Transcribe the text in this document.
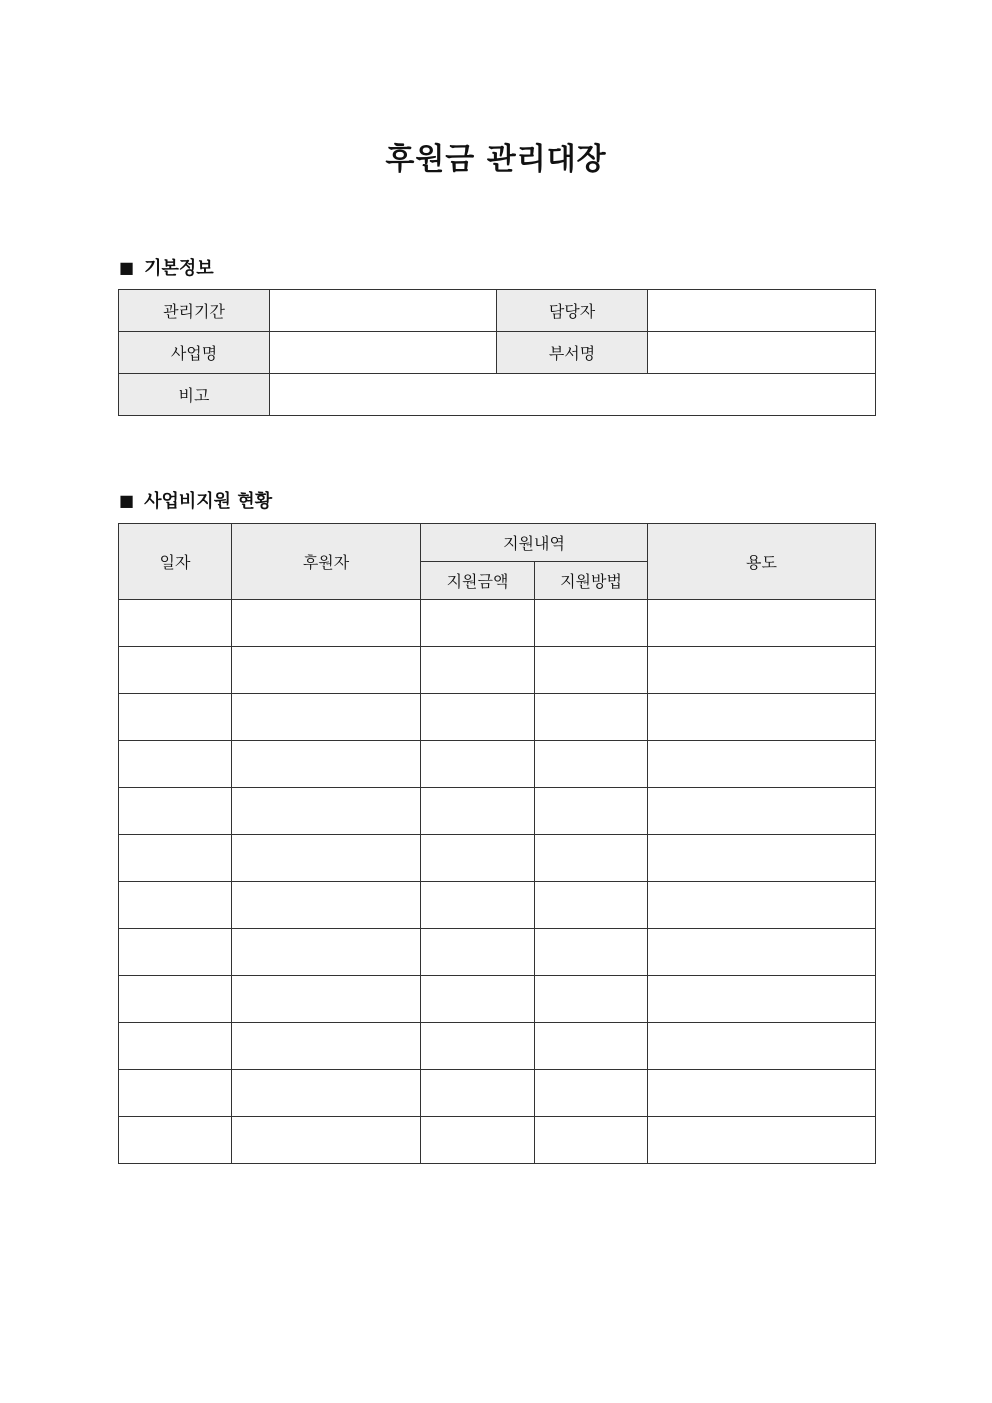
후원금 관리대장
■ 기본정보
관리기간		담당자	
사업명		부서명	
비고			
■ 사업비지원 현황
일자	후원자	지원내역		용도
		지원금액	지원방법	
